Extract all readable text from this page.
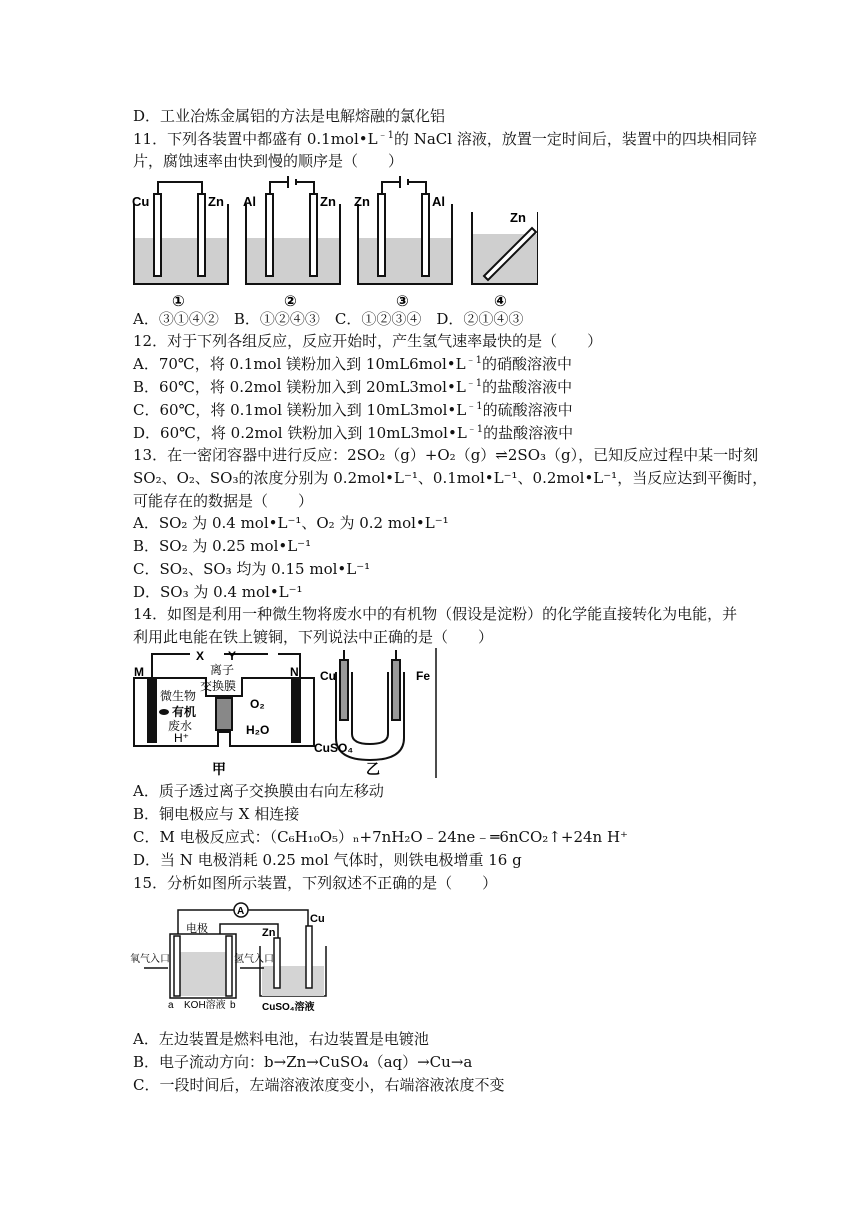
D．工业冶炼金属铝的方法是电解熔融的氯化铝
11．下列各装置中都盛有 $0.1mol•L^{﹣1}$的 NaCl 溶液，放置一定时间后，装置中的四块相同锌
片，腐蚀速率由快到慢的顺序是（　　）
Cu	Zn
①
Al	Zn
②
Zn	Al
③
Zn
④
A．③①④②　B．①②④③　C．①②③④　D．②①④③
12．对于下列各组反应，反应开始时，产生氢气速率最快的是（　　）
A．70℃，将 0.1mol 镁粉加入到 $10mL6mol•L^{﹣1}$的硝酸溶液中
B．60℃，将 0.2mol 镁粉加入到 $20mL3mol•L^{﹣1}$的盐酸溶液中
C．60℃，将 0.1mol 镁粉加入到 $10mL3mol•L^{﹣1}$的硫酸溶液中
D．60℃，将 0.2mol 铁粉加入到 $10mL3mol•L^{﹣1}$的盐酸溶液中
13．在一密闭容器中进行反应：2SO₂（g）+O₂（g）⇌2SO₃（g），已知反应过程中某一时刻
SO₂、O₂、SO₃的浓度分别为 0.2mol•L⁻¹、0.1mol•L⁻¹、0.2mol•L⁻¹，当反应达到平衡时，
可能存在的数据是（　　）
A．SO₂ 为 0.4 mol•L⁻¹、O₂ 为 0.2 mol•L⁻¹
B．SO₂ 为 0.25 mol•L⁻¹
C．SO₂、SO₃ 均为 0.15 mol•L⁻¹
D．SO₃ 为 0.4 mol•L⁻¹
14．如图是利用一种微生物将废水中的有机物（假设是淀粉）的化学能直接转化为电能，并
利用此电能在铁上镀铜，下列说法中正确的是（　　）
X Y
M	N
离子
交换膜
微生物
有机
废水
H⁺
O₂
H₂O
甲
Cu	Fe
CuSO₄
乙
A．质子透过离子交换膜由右向左移动
B．铜电极应与 X 相连接
C．M 电极反应式：（C₆H₁₀O₅）ₙ+7nH₂O﹣24ne﹣═6nCO₂↑+24n H⁺
D．当 N 电极消耗 0.25 mol 气体时，则铁电极增重 16 g
15．分析如图所示装置，下列叙述不正确的是（　　）
A
电极
氧气入口	氢气入口
a KOH溶液 b
Zn
Cu
CuSO₄溶液
A．左边装置是燃料电池，右边装置是电镀池
B．电子流动方向：b→Zn→CuSO₄（aq）→Cu→a
C．一段时间后，左端溶液浓度变小，右端溶液浓度不变
